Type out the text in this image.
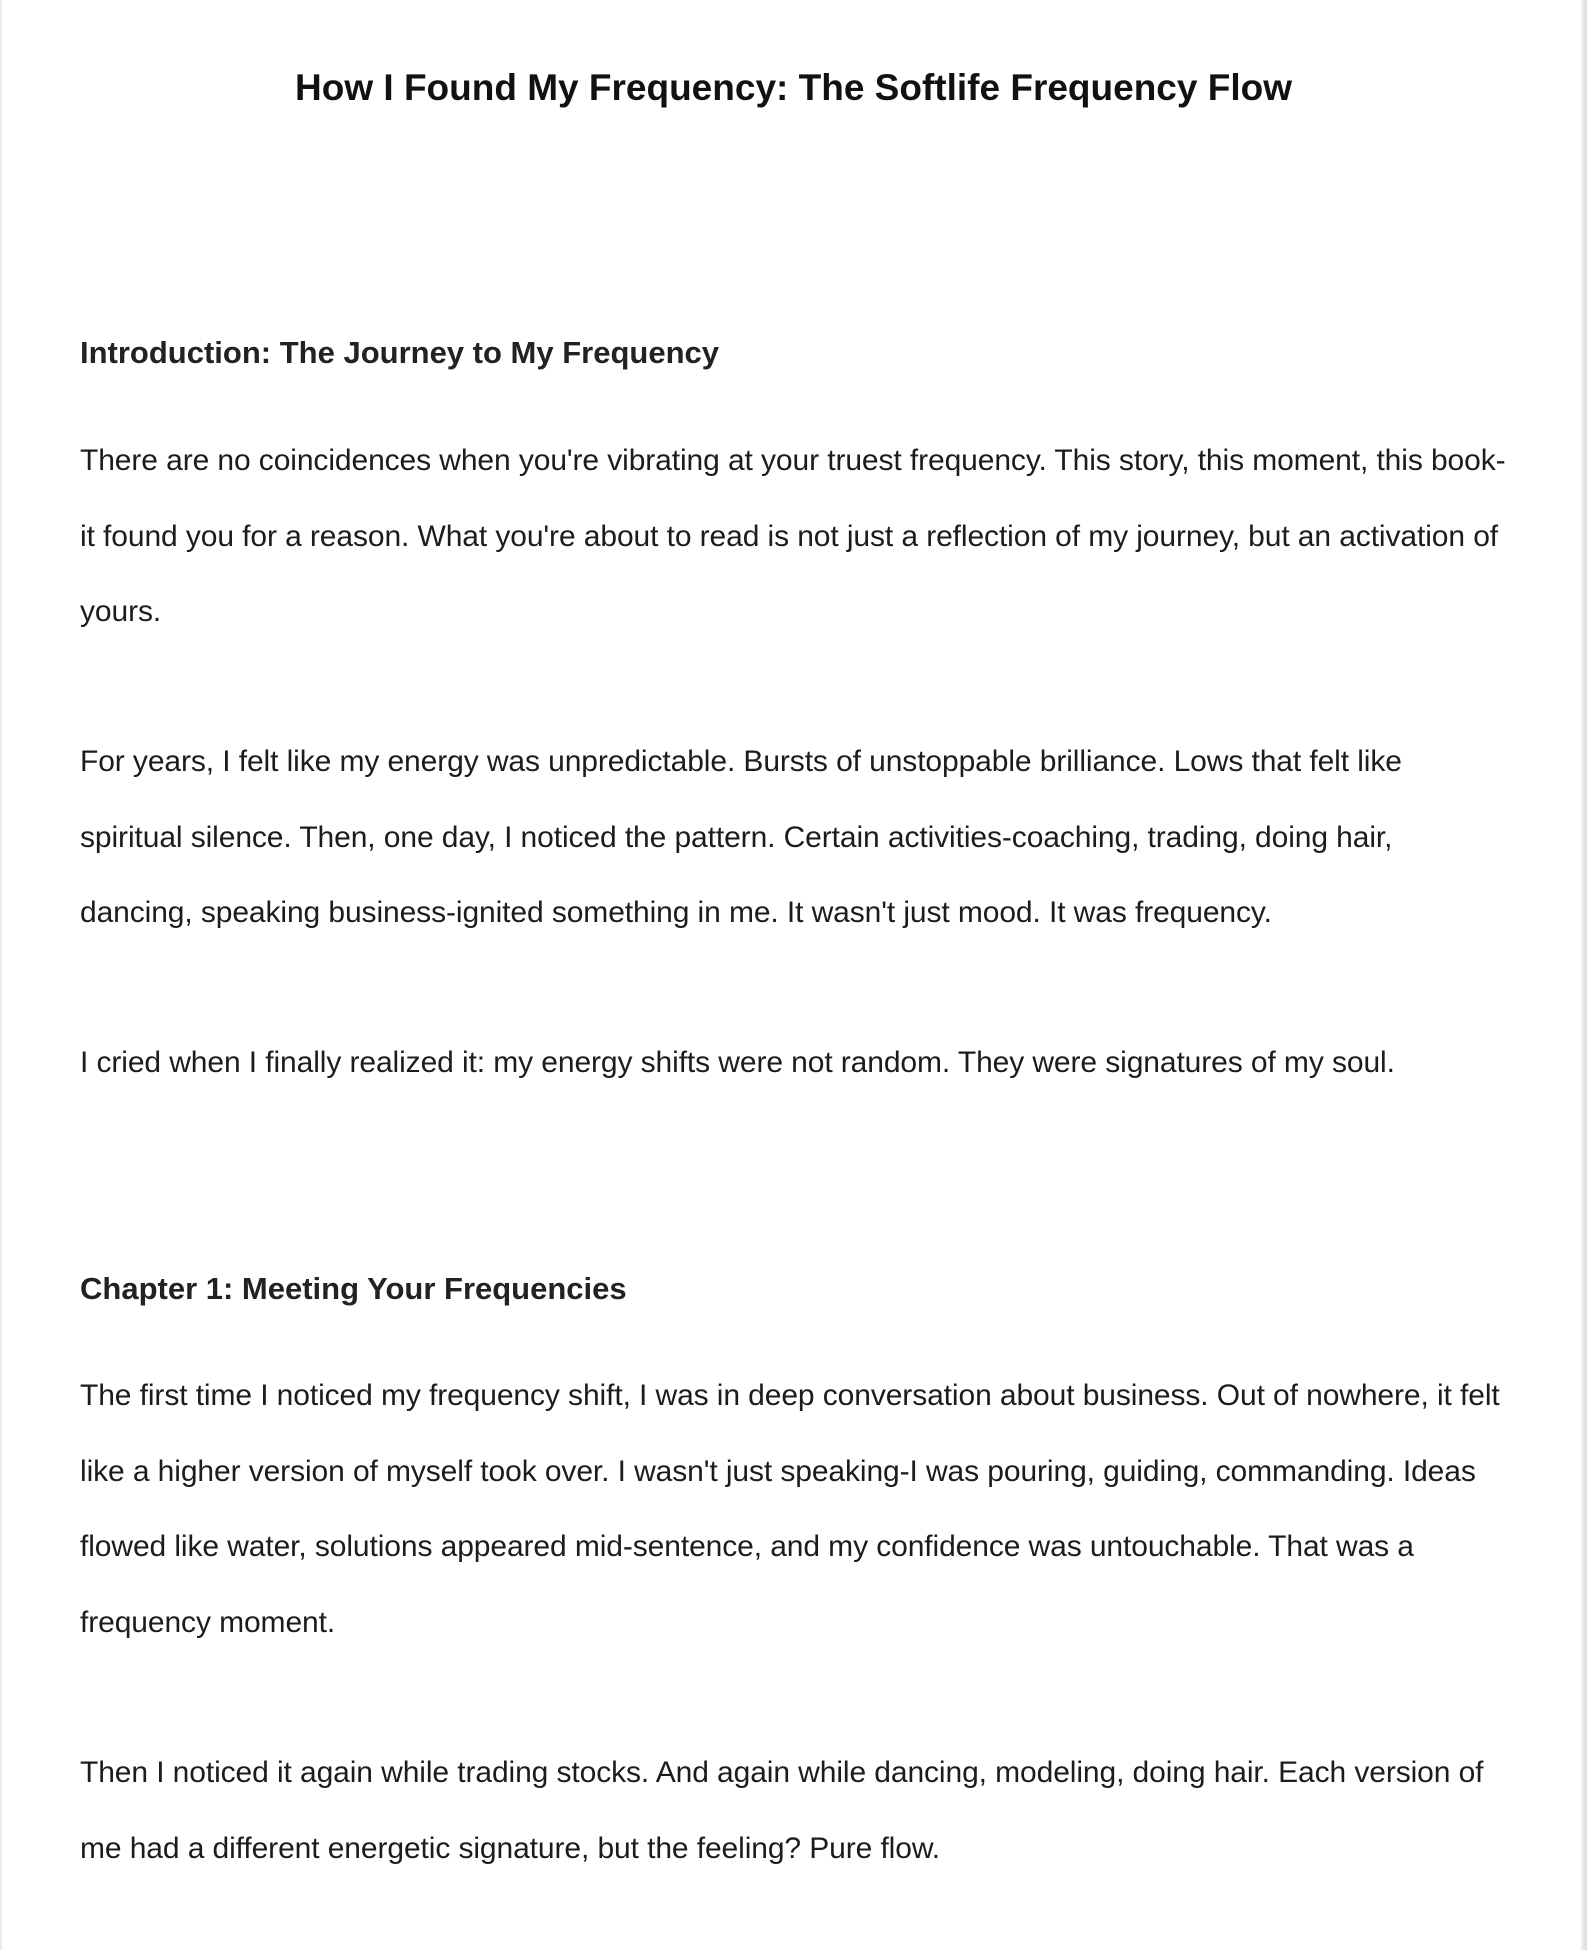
How I Found My Frequency: The Softlife Frequency Flow
Introduction: The Journey to My Frequency

There are no coincidences when you're vibrating at your truest frequency. This story, this moment, this book-it found you for a reason. What you're about to read is not just a reflection of my journey, but an activation of yours.

For years, I felt like my energy was unpredictable. Bursts of unstoppable brilliance. Lows that felt like spiritual silence. Then, one day, I noticed the pattern. Certain activities-coaching, trading, doing hair, dancing, speaking business-ignited something in me. It wasn't just mood. It was frequency.

I cried when I finally realized it: my energy shifts were not random. They were signatures of my soul.

Chapter 1: Meeting Your Frequencies

The first time I noticed my frequency shift, I was in deep conversation about business. Out of nowhere, it felt like a higher version of myself took over. I wasn't just speaking-I was pouring, guiding, commanding. Ideas flowed like water, solutions appeared mid-sentence, and my confidence was untouchable. That was a frequency moment.

Then I noticed it again while trading stocks. And again while dancing, modeling, doing hair. Each version of me had a different energetic signature, but the feeling? Pure flow.
